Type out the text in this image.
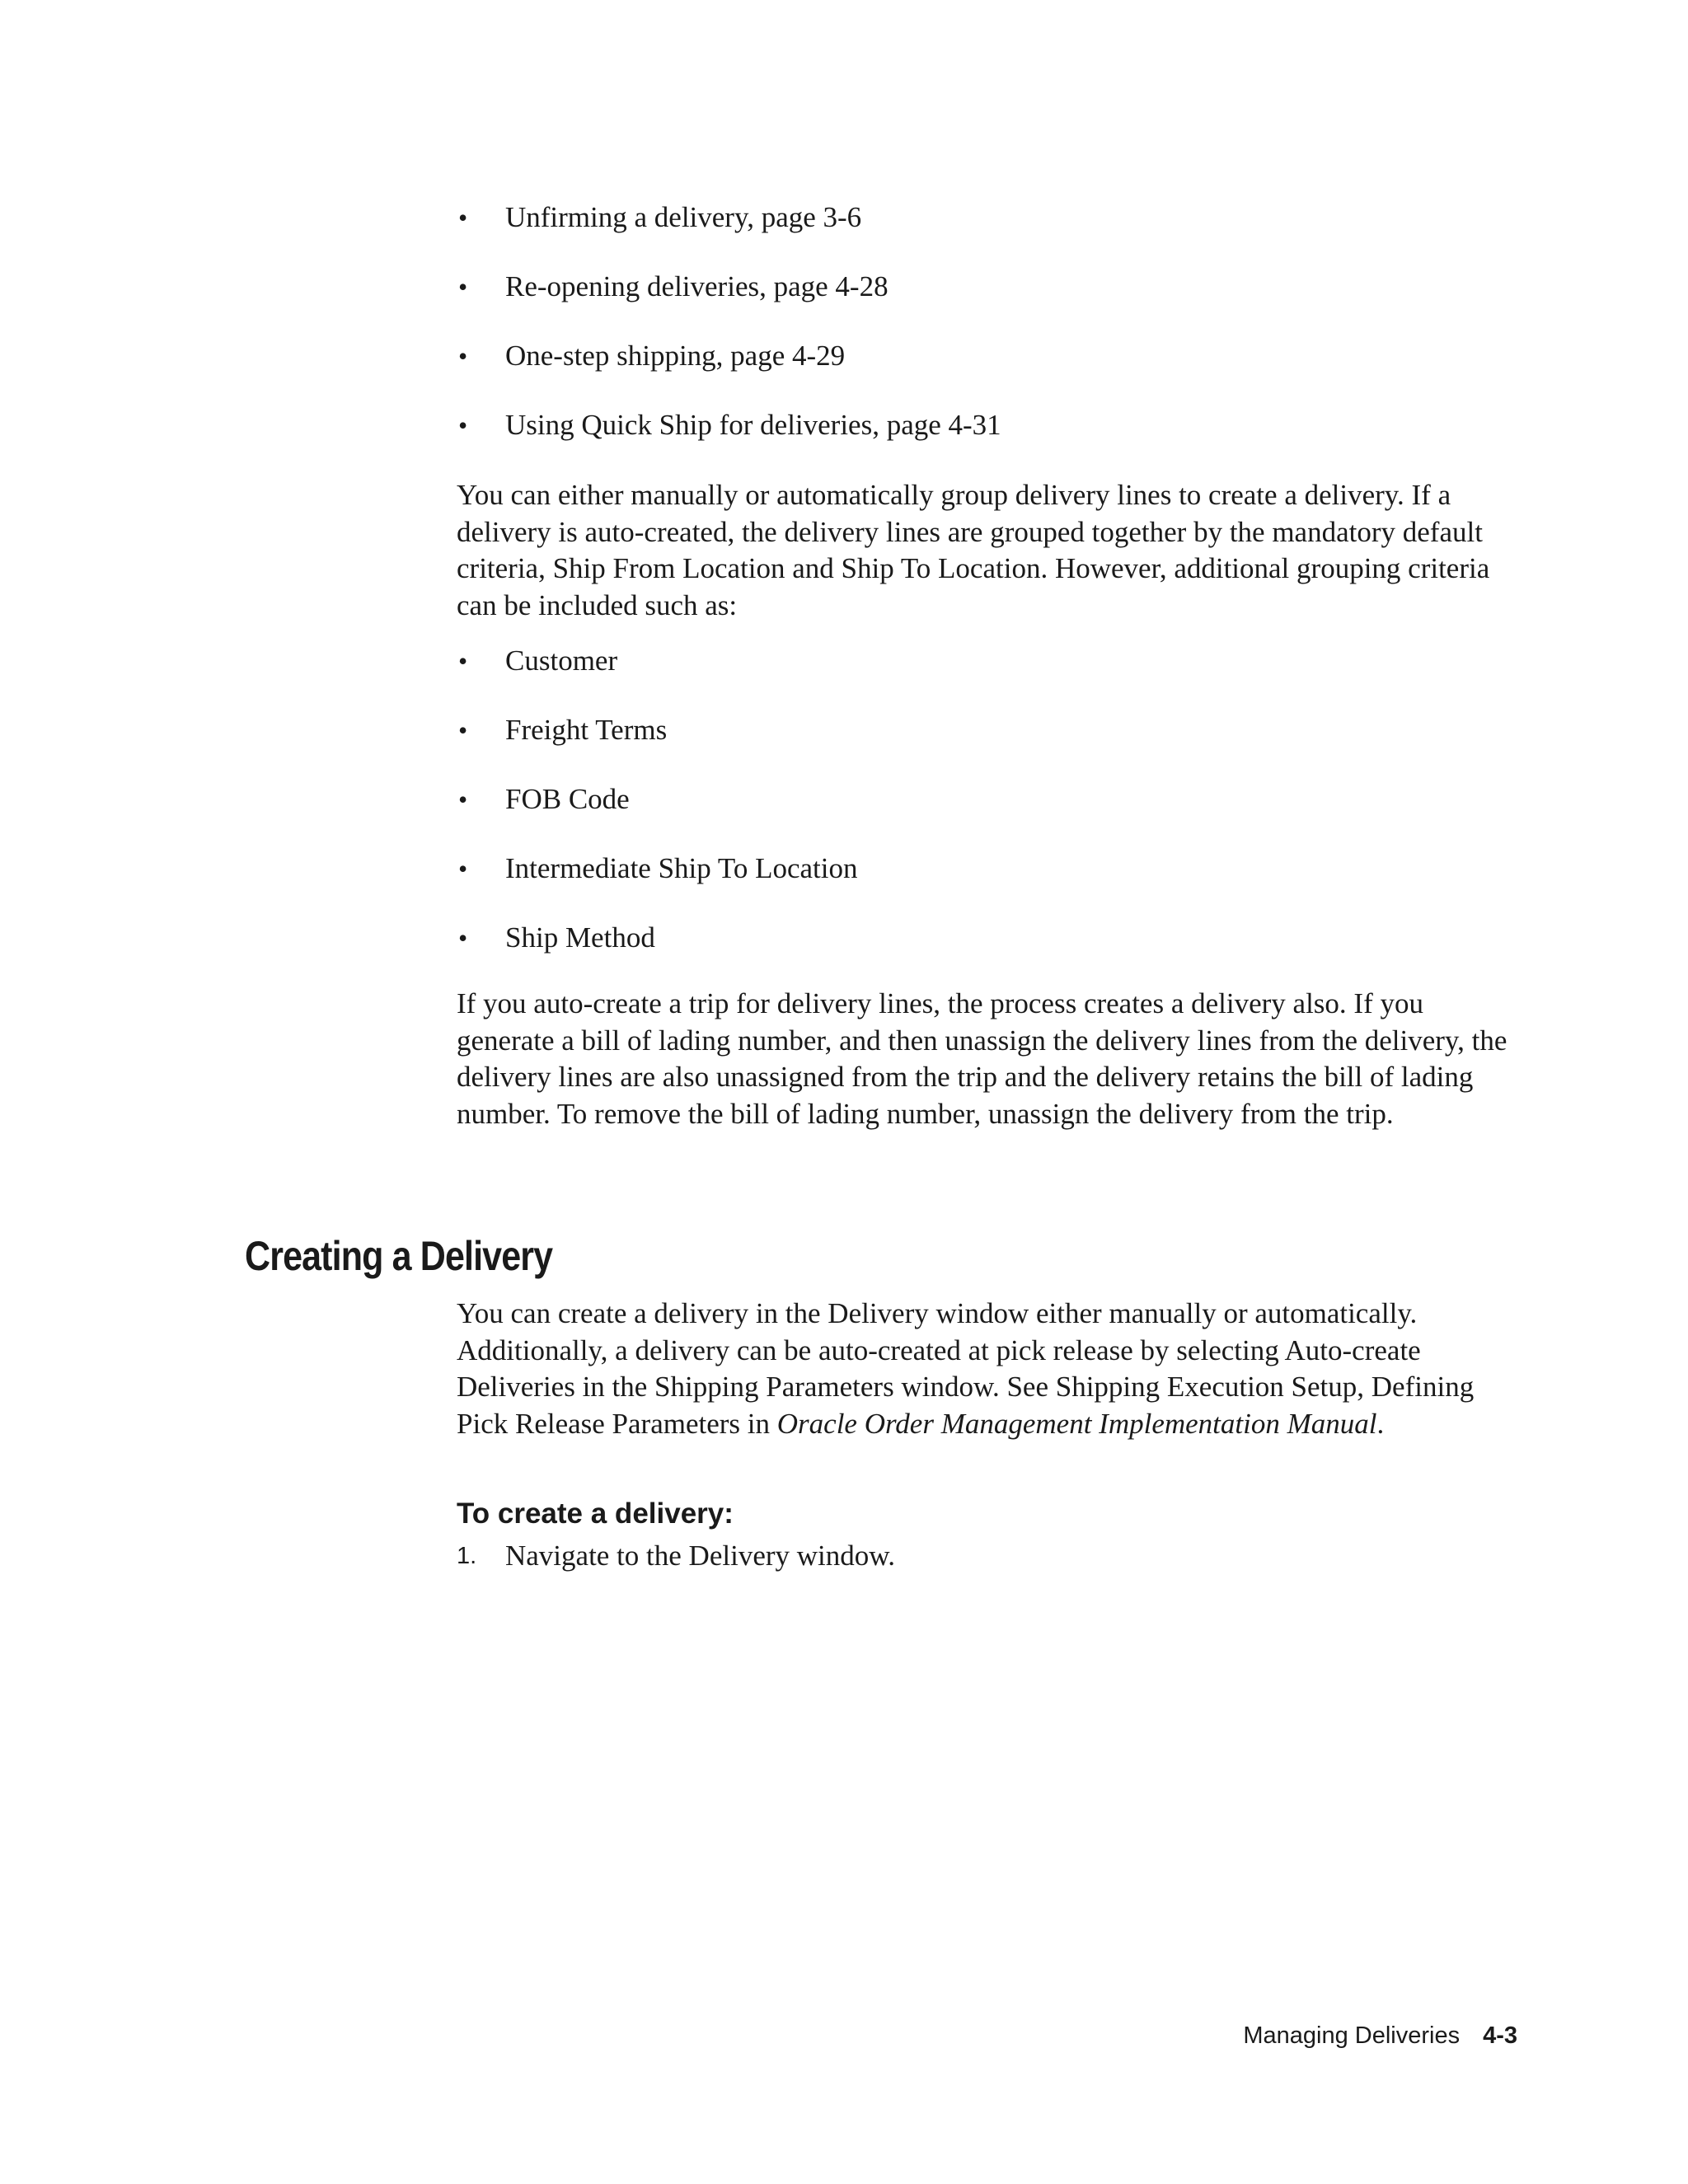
•	Unfirming a delivery, page 3-6
•	Re-opening deliveries, page 4-28
•	One-step shipping, page 4-29
•	Using Quick Ship for deliveries, page 4-31

You can either manually or automatically group delivery lines to create a delivery. If a delivery is auto-created, the delivery lines are grouped together by the mandatory default criteria, Ship From Location and Ship To Location. However, additional grouping criteria can be included such as:

•	Customer
•	Freight Terms
•	FOB Code
•	Intermediate Ship To Location
•	Ship Method

If you auto-create a trip for delivery lines, the process creates a delivery also. If you generate a bill of lading number, and then unassign the delivery lines from the delivery, the delivery lines are also unassigned from the trip and the delivery retains the bill of lading number. To remove the bill of lading number, unassign the delivery from the trip.

Creating a Delivery

You can create a delivery in the Delivery window either manually or automatically. Additionally, a delivery can be auto-created at pick release by selecting Auto-create Deliveries in the Shipping Parameters window. See Shipping Execution Setup, Defining Pick Release Parameters in Oracle Order Management Implementation Manual.

To create a delivery:
1. Navigate to the Delivery window.
Managing Deliveries 4-3
